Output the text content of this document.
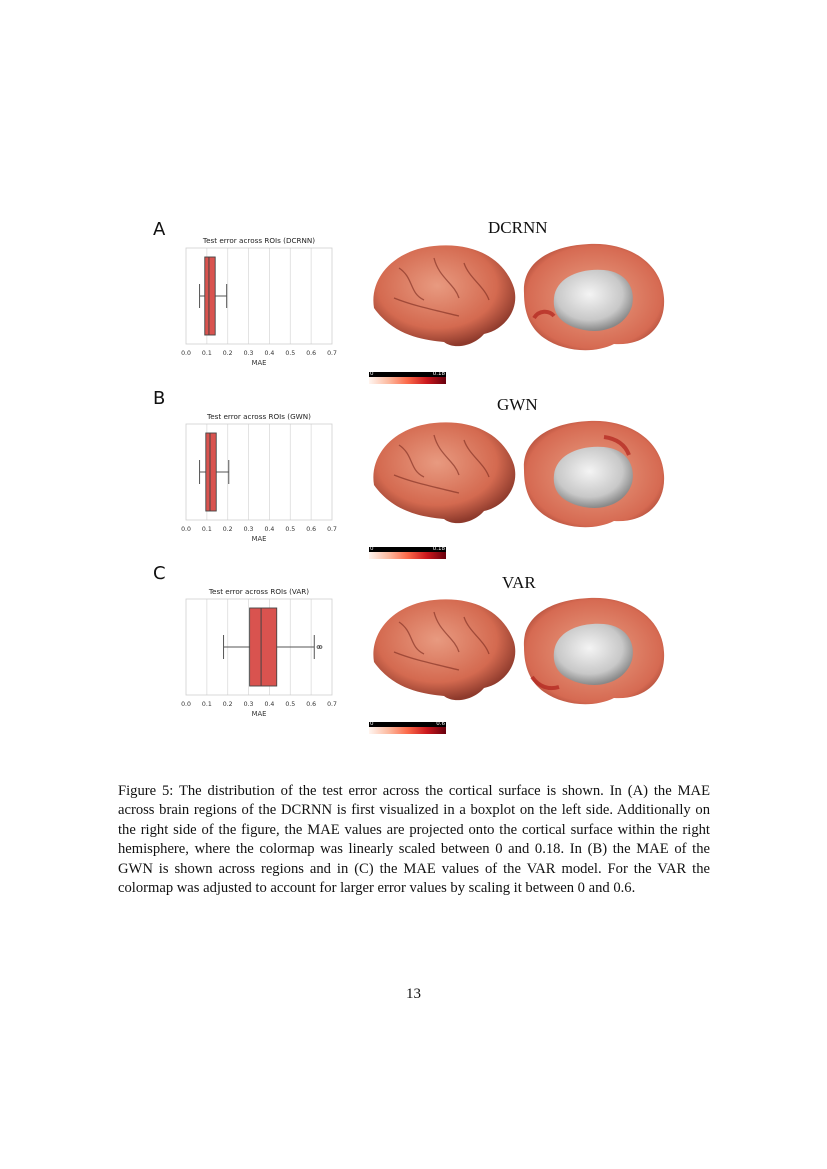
A
B
C
DCRNN
GWN
VAR
Test error across ROIs (DCRNN)
0.0 0.1 0.2 0.3 0.4 0.5 0.6 0.7
MAE
Test error across ROIs (GWN)
0.0 0.1 0.2 0.3 0.4 0.5 0.6 0.7
MAE
Test error across ROIs (VAR)
0.0 0.1 0.2 0.3 0.4 0.5 0.6 0.7
MAE
0	0.18
0	0.18
0	0.6
Figure 5: The distribution of the test error across the cortical surface is shown. In (A) the MAE across brain regions of the DCRNN is first visualized in a boxplot on the left side. Additionally on the right side of the figure, the MAE values are projected onto the cortical surface within the right hemisphere, where the colormap was linearly scaled between 0 and 0.18. In (B) the MAE of the GWN is shown across regions and in (C) the MAE values of the VAR model. For the VAR the colormap was adjusted to account for larger error values by scaling it between 0 and 0.6.
13
